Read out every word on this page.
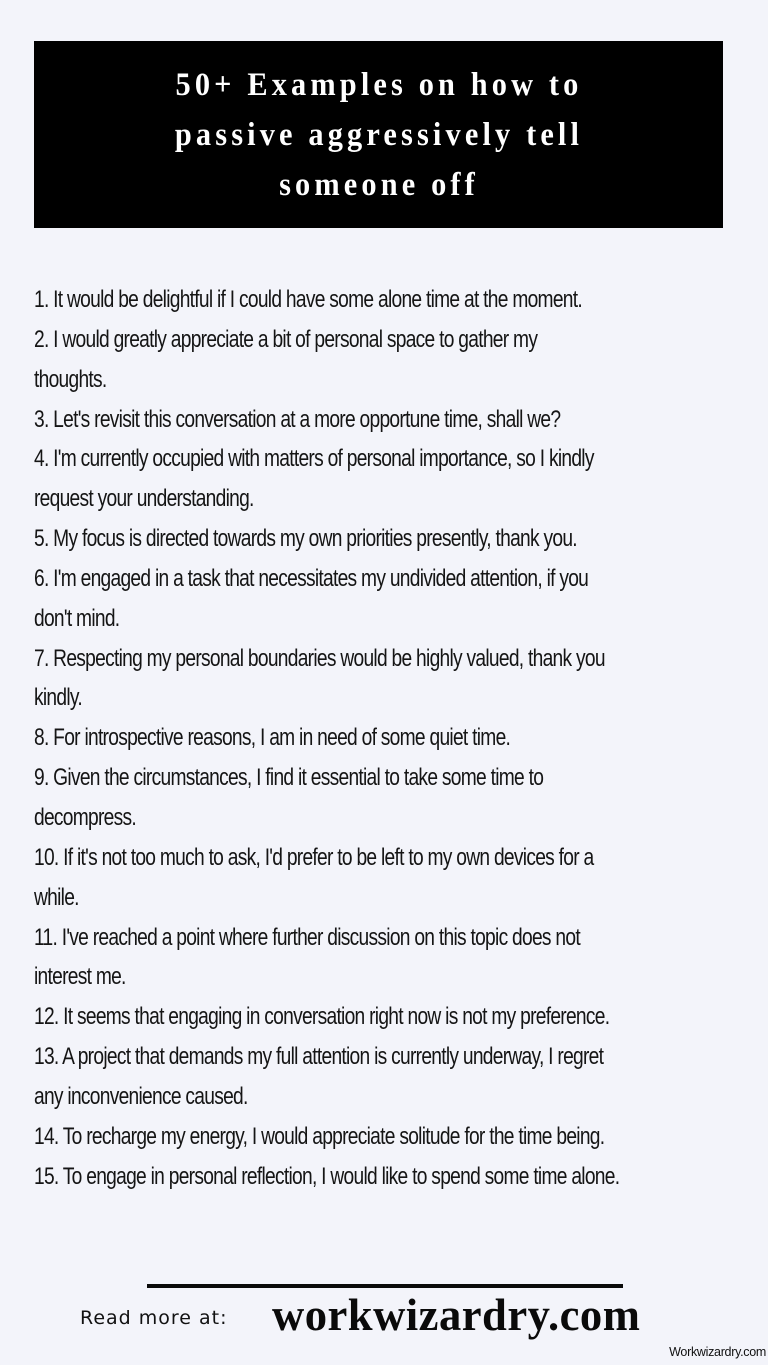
50+ Examples on how to
passive aggressively tell
someone off
1. It would be delightful if I could have some alone time at the moment.
2. I would greatly appreciate a bit of personal space to gather my
thoughts.
3. Let's revisit this conversation at a more opportune time, shall we?
4. I'm currently occupied with matters of personal importance, so I kindly
request your understanding.
5. My focus is directed towards my own priorities presently, thank you.
6. I'm engaged in a task that necessitates my undivided attention, if you
don't mind.
7. Respecting my personal boundaries would be highly valued, thank you
kindly.
8. For introspective reasons, I am in need of some quiet time.
9. Given the circumstances, I find it essential to take some time to
decompress.
10. If it's not too much to ask, I'd prefer to be left to my own devices for a
while.
11. I've reached a point where further discussion on this topic does not
interest me.
12. It seems that engaging in conversation right now is not my preference.
13. A project that demands my full attention is currently underway, I regret
any inconvenience caused.
14. To recharge my energy, I would appreciate solitude for the time being.
15. To engage in personal reflection, I would like to spend some time alone.
Read more at: workwizardry.com
Workwizardry.com
